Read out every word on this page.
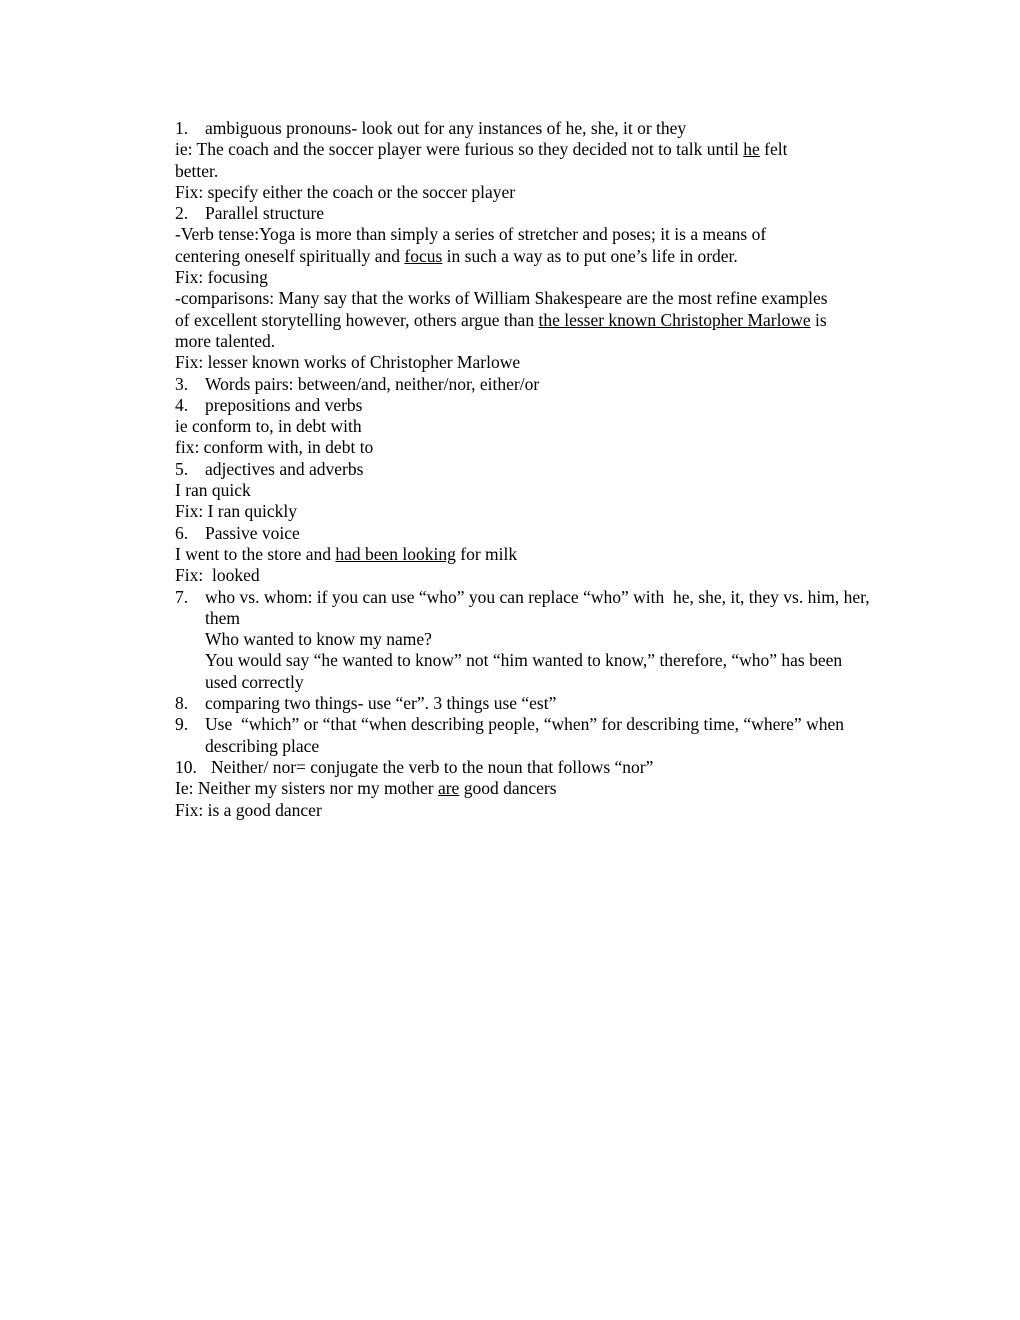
1. ambiguous pronouns- look out for any instances of he, she, it or they
ie: The coach and the soccer player were furious so they decided not to talk until he felt
better.
Fix: specify either the coach or the soccer player
2. Parallel structure
-Verb tense:Yoga is more than simply a series of stretcher and poses; it is a means of
centering oneself spiritually and focus in such a way as to put one’s life in order.
Fix: focusing
-comparisons: Many say that the works of William Shakespeare are the most refine examples
of excellent storytelling however, others argue than the lesser known Christopher Marlowe is
more talented.
Fix: lesser known works of Christopher Marlowe
3. Words pairs: between/and, neither/nor, either/or
4. prepositions and verbs
ie conform to, in debt with
fix: conform with, in debt to
5. adjectives and adverbs
I ran quick
Fix: I ran quickly
6. Passive voice
I went to the store and had been looking for milk
Fix:  looked
7. who vs. whom: if you can use “who” you can replace “who” with  he, she, it, they vs. him, her, them
Who wanted to know my name?
You would say “he wanted to know” not “him wanted to know,” therefore, “who” has been used correctly
8. comparing two things- use “er”. 3 things use “est”
9. Use  “which” or “that “when describing people, “when” for describing time, “where” when describing place
10. Neither/ nor= conjugate the verb to the noun that follows “nor”
Ie: Neither my sisters nor my mother are good dancers
Fix: is a good dancer
